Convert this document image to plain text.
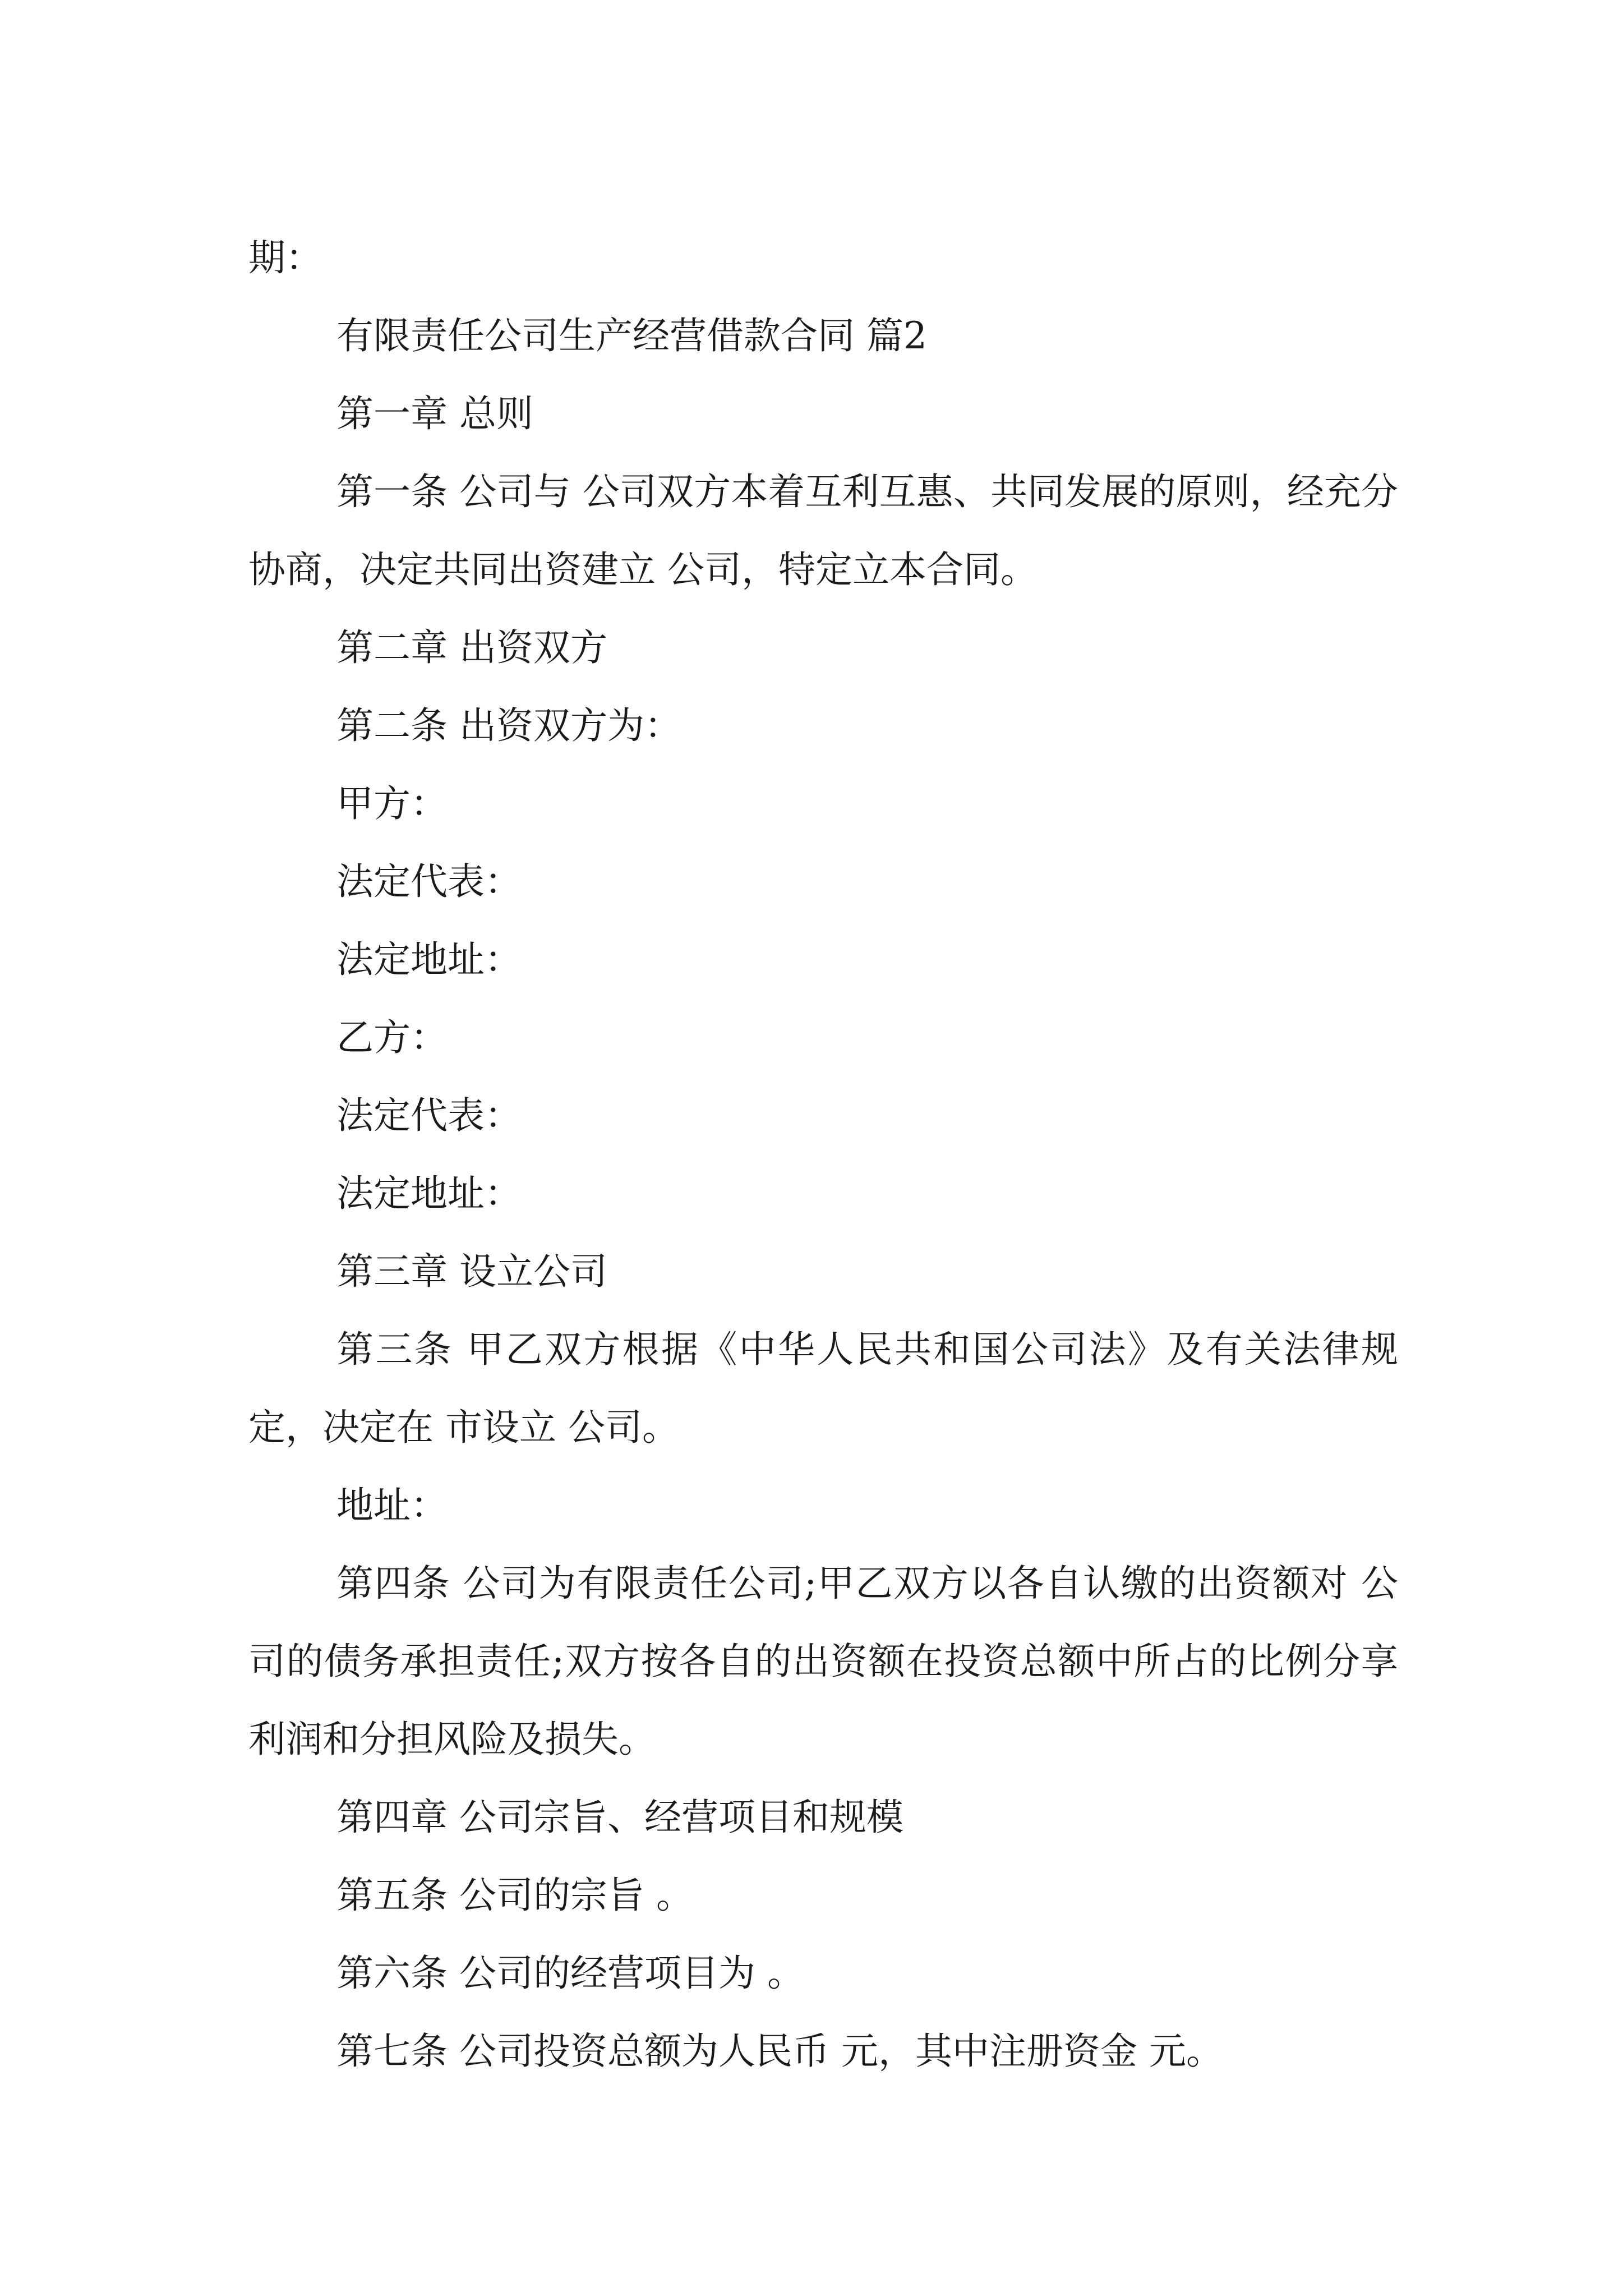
期：

有限责任公司生产经营借款合同 篇2

第一章 总则

第一条 公司与 公司双方本着互利互惠、共同发展的原则，经充分协商，决定共同出资建立 公司，特定立本合同。

第二章 出资双方

第二条 出资双方为：

甲方：

法定代表：

法定地址：

乙方：

法定代表：

法定地址：

第三章 设立公司

第三条 甲乙双方根据《中华人民共和国公司法》及有关法律规定，决定在 市设立 公司。

地址：

第四条 公司为有限责任公司;甲乙双方以各自认缴的出资额对 公司的债务承担责任;双方按各自的出资额在投资总额中所占的比例分享利润和分担风险及损失。

第四章 公司宗旨、经营项目和规模

第五条 公司的宗旨 。

第六条 公司的经营项目为 。

第七条 公司投资总额为人民币 元，其中注册资金 元。
